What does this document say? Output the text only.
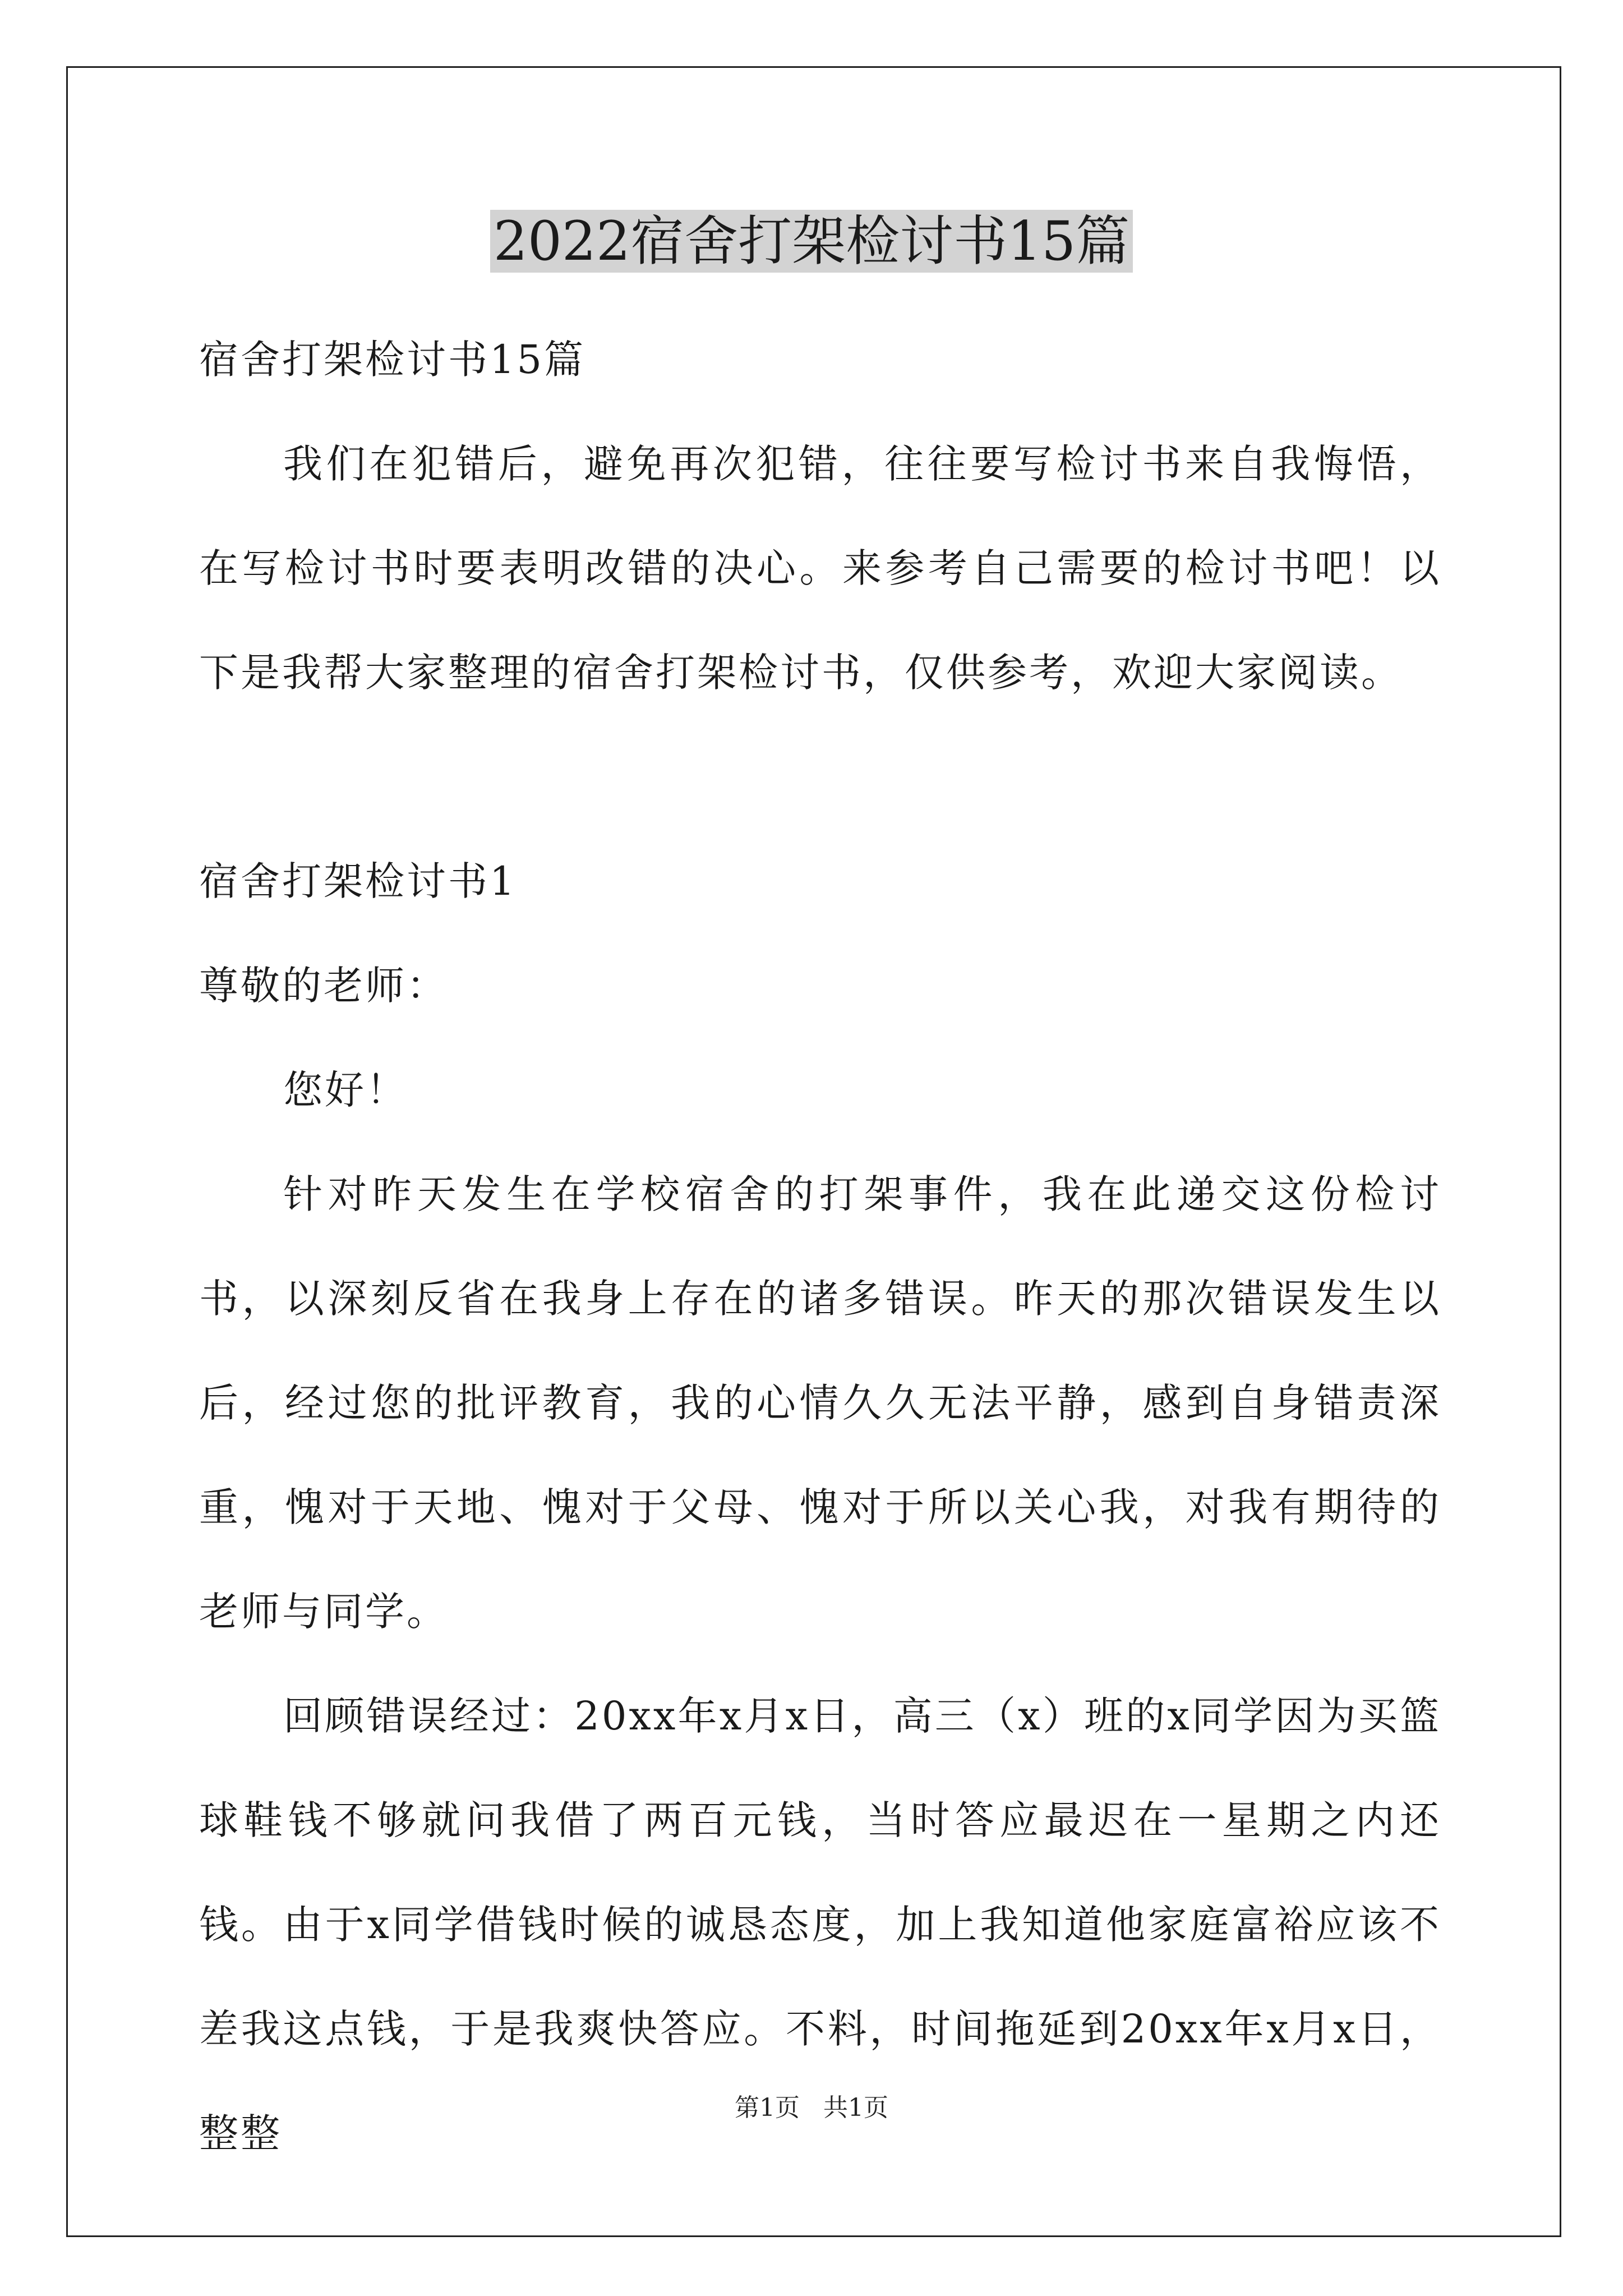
2022宿舍打架检讨书15篇

宿舍打架检讨书15篇

我们在犯错后，避免再次犯错，往往要写检讨书来自我悔悟，在写检讨书时要表明改错的决心。来参考自己需要的检讨书吧！以下是我帮大家整理的宿舍打架检讨书，仅供参考，欢迎大家阅读。

宿舍打架检讨书1

尊敬的老师：

您好！

针对昨天发生在学校宿舍的打架事件，我在此递交这份检讨书，以深刻反省在我身上存在的诸多错误。昨天的那次错误发生以后，经过您的批评教育，我的心情久久无法平静，感到自身错责深重，愧对于天地、愧对于父母、愧对于所以关心我，对我有期待的老师与同学。

回顾错误经过：20xx年x月x日，高三（x）班的x同学因为买篮球鞋钱不够就问我借了两百元钱，当时答应最迟在一星期之内还钱。由于x同学借钱时候的诚恳态度，加上我知道他家庭富裕应该不差我这点钱，于是我爽快答应。不料，时间拖延到20xx年x月x日，整整

第1页   共1页
